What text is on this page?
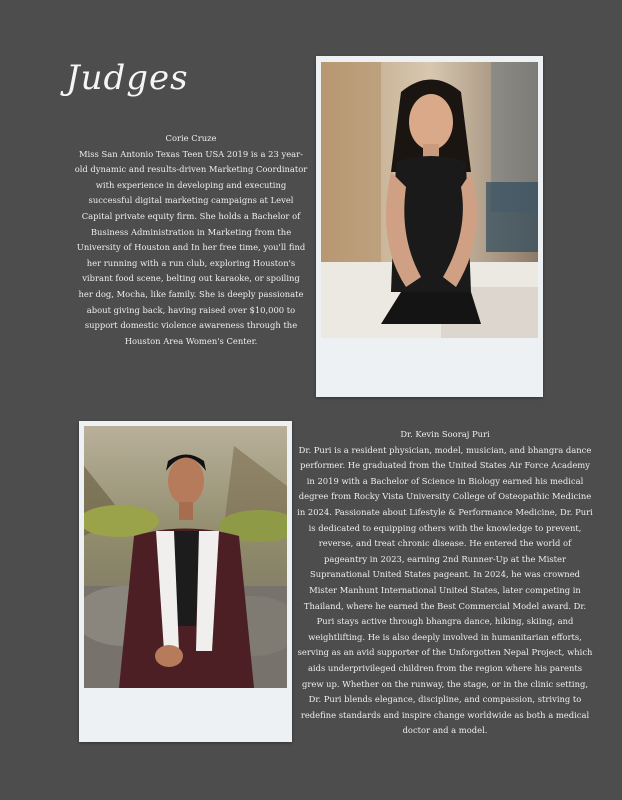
Judges
Corie Cruze
Miss San Antonio Texas Teen USA 2019 is a 23 year-old dynamic and results-driven Marketing Coordinator with experience in developing and executing successful digital marketing campaigns at Level Capital private equity firm. She holds a Bachelor of Business Administration in Marketing from the University of Houston and In her free time, you'll find her running with a run club, exploring Houston's vibrant food scene, belting out karaoke, or spoiling her dog, Mocha, like family. She is deeply passionate about giving back, having raised over $10,000 to support domestic violence awareness through the Houston Area Women's Center.
Dr. Kevin Sooraj Puri
Dr. Puri is a resident physician, model, musician, and bhangra dance performer. He graduated from the United States Air Force Academy in 2019 with a Bachelor of Science in Biology earned his medical degree from Rocky Vista University College of Osteopathic Medicine in 2024. Passionate about Lifestyle & Performance Medicine, Dr. Puri is dedicated to equipping others with the knowledge to prevent, reverse, and treat chronic disease. He entered the world of pageantry in 2023, earning 2nd Runner-Up at the Mister Supranational United States pageant. In 2024, he was crowned Mister Manhunt International United States, later competing in Thailand, where he earned the Best Commercial Model award. Dr. Puri stays active through bhangra dance, hiking, skiing, and weightlifting. He is also deeply involved in humanitarian efforts, serving as an avid supporter of the Unforgotten Nepal Project, which aids underprivileged children from the region where his parents grew up. Whether on the runway, the stage, or in the clinic setting, Dr. Puri blends elegance, discipline, and compassion, striving to redefine standards and inspire change worldwide as both a medical doctor and a model.
